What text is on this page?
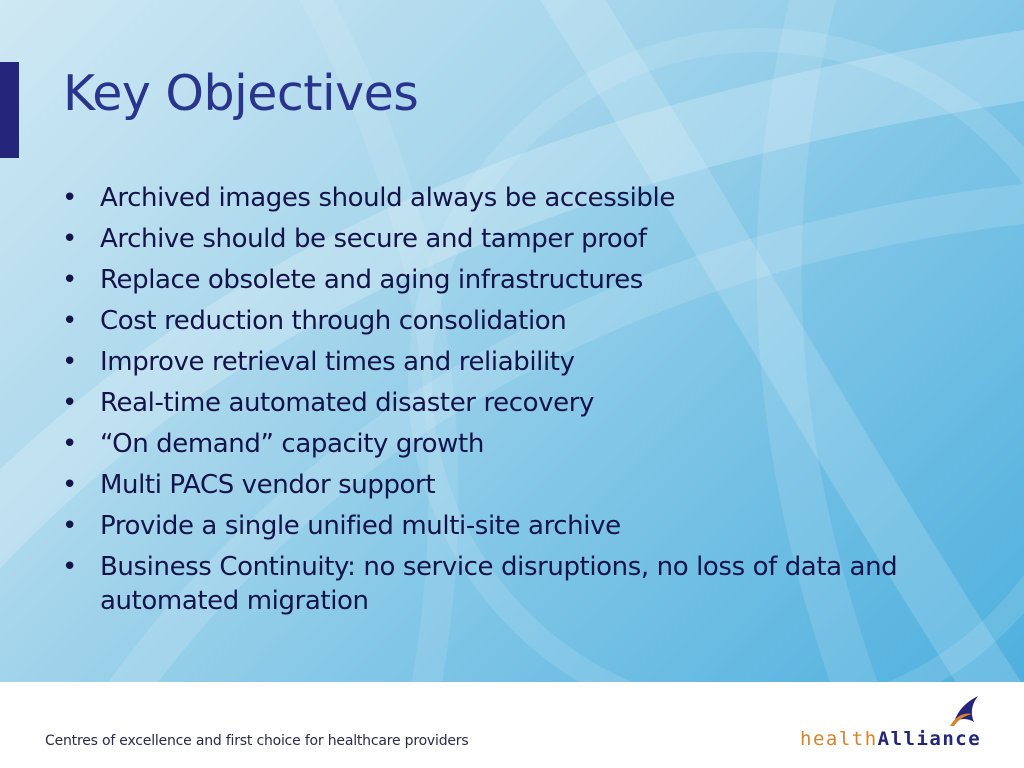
Key Objectives
• Archived images should always be accessible
• Archive should be secure and tamper proof
• Replace obsolete and aging infrastructures
• Cost reduction through consolidation
• Improve retrieval times and reliability
• Real-time automated disaster recovery
• “On demand” capacity growth
• Multi PACS vendor support
• Provide a single unified multi-site archive
• Business Continuity: no service disruptions, no loss of data and automated migration
Centres of excellence and first choice for healthcare providers	healthAlliance
